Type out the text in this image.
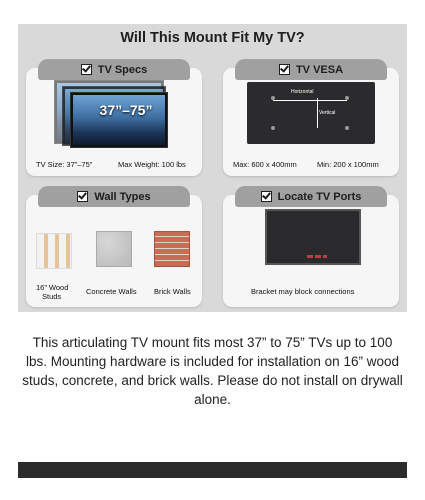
Will This Mount Fit My TV?
TV Specs
37”–75”
TV Size: 37”–75”	Max Weight: 100 lbs
TV VESA
Horizontal
Vertical
Max: 600 x 400mm	Min: 200 x 100mm
Wall Types
16” Wood
Studs
Concrete Walls Brick Walls
Locate TV Ports
Bracket may block connections
This articulating TV mount fits most 37” to 75” TVs up to 100 lbs. Mounting hardware is included for installation on 16” wood studs, concrete, and brick walls. Please do not install on drywall alone.
